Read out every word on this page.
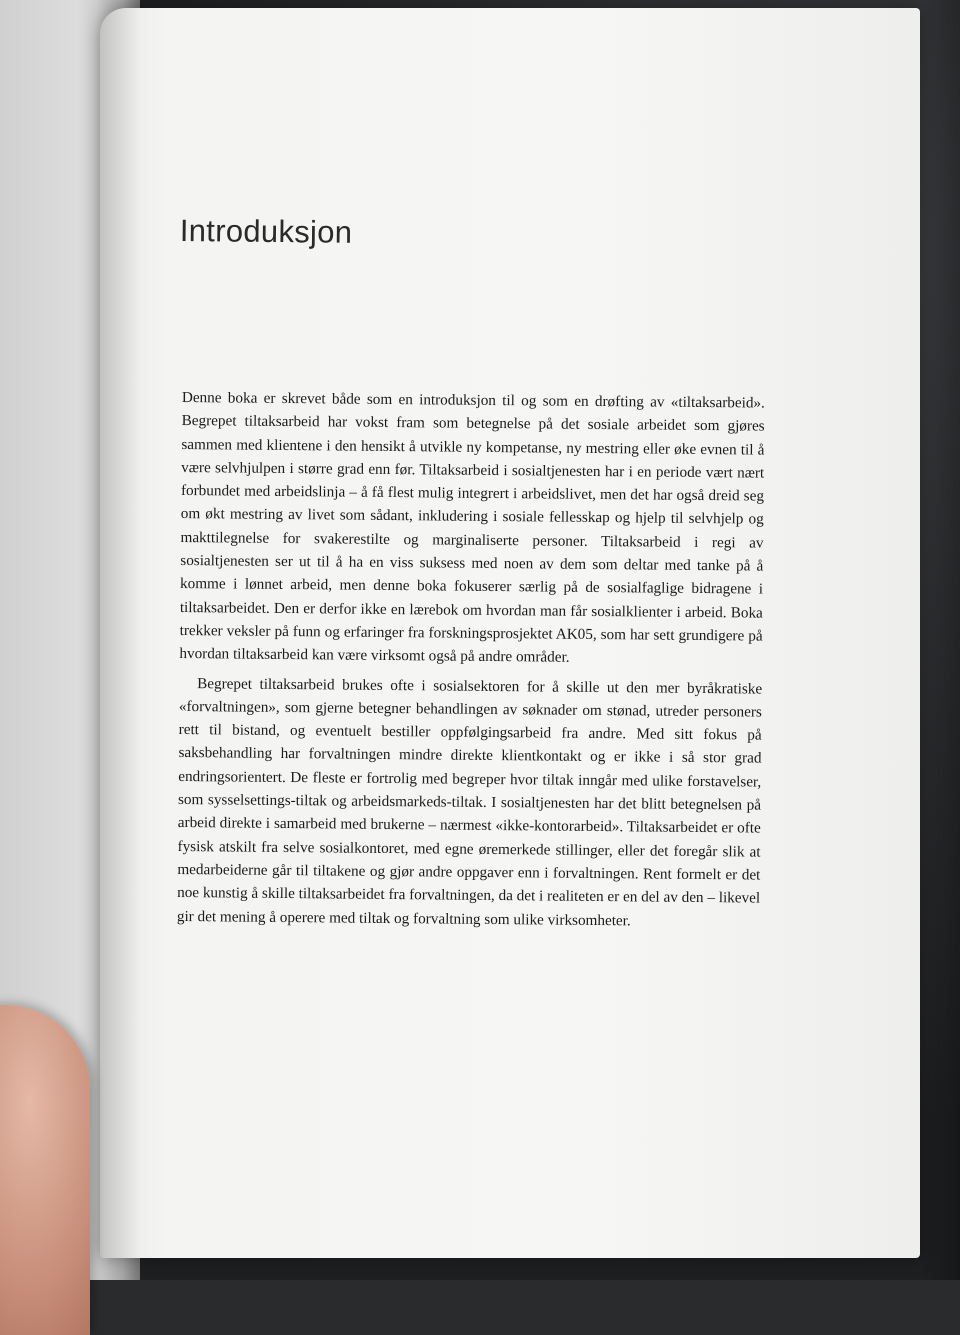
Introduksjon

Denne boka er skrevet både som en introduksjon til og som en drøfting av «tiltaksarbeid». Begrepet tiltaksarbeid har vokst fram som betegnelse på det sosiale arbeidet som gjøres sammen med klientene i den hensikt å utvikle ny kompetanse, ny mestring eller øke evnen til å være selvhjulpen i større grad enn før. Tiltaksarbeid i sosialtjenesten har i en periode vært nært forbundet med arbeidslinja – å få flest mulig integrert i arbeidslivet, men det har også dreid seg om økt mestring av livet som sådant, inkludering i sosiale fellesskap og hjelp til selvhjelp og makttilegnelse for svakerestilte og marginaliserte personer. Tiltaksarbeid i regi av sosialtjenesten ser ut til å ha en viss suksess med noen av dem som deltar med tanke på å komme i lønnet arbeid, men denne boka fokuserer særlig på de sosialfaglige bidragene i tiltaksarbeidet. Den er derfor ikke en lærebok om hvordan man får sosialklienter i arbeid. Boka trekker veksler på funn og erfaringer fra forskningsprosjektet AK05, som har sett grundigere på hvordan tiltaksarbeid kan være virksomt også på andre områder.

Begrepet tiltaksarbeid brukes ofte i sosialsektoren for å skille ut den mer byråkratiske «forvaltningen», som gjerne betegner behandlingen av søknader om stønad, utreder personers rett til bistand, og eventuelt bestiller oppfølgingsarbeid fra andre. Med sitt fokus på saksbehandling har forvaltningen mindre direkte klientkontakt og er ikke i så stor grad endringsorientert. De fleste er fortrolig med begreper hvor tiltak inngår med ulike forstavelser, som sysselsettings-tiltak og arbeidsmarkeds-tiltak. I sosialtjenesten har det blitt betegnelsen på arbeid direkte i samarbeid med brukerne – nærmest «ikke-kontorarbeid». Tiltaksarbeidet er ofte fysisk atskilt fra selve sosialkontoret, med egne øremerkede stillinger, eller det foregår slik at medarbeiderne går til tiltakene og gjør andre oppgaver enn i forvaltningen. Rent formelt er det noe kunstig å skille tiltaksarbeidet fra forvaltningen, da det i realiteten er en del av den – likevel gir det mening å operere med tiltak og forvaltning som ulike virksomheter.
